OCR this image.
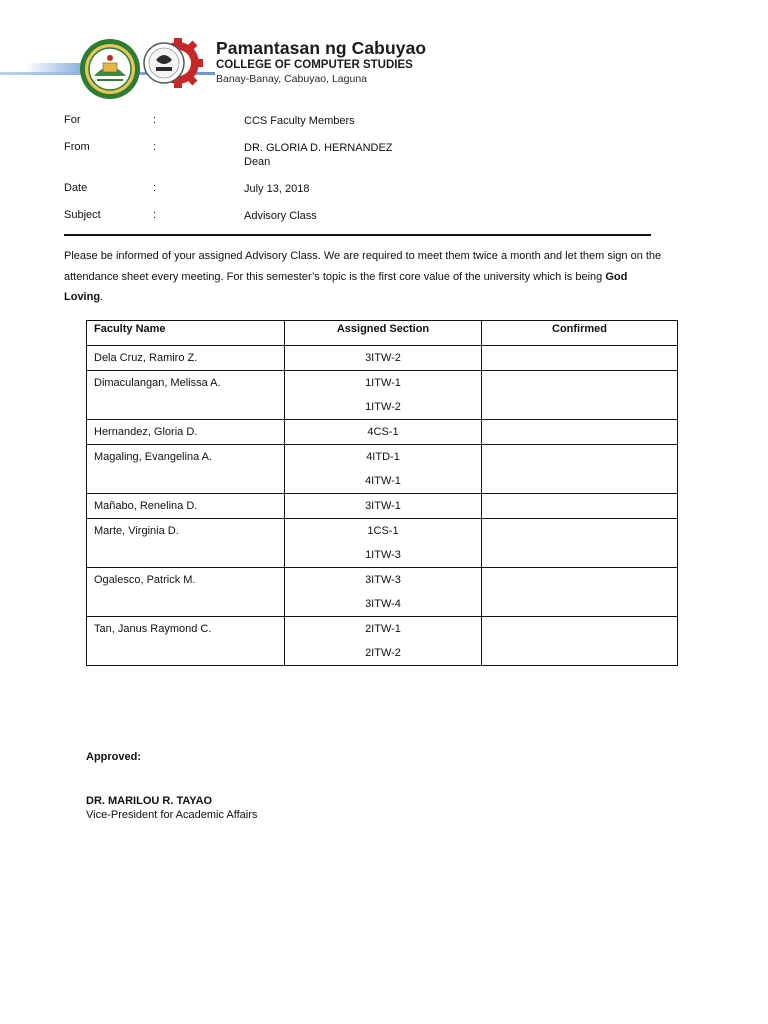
Pamantasan ng Cabuyao
COLLEGE OF COMPUTER STUDIES
Banay-Banay, Cabuyao, Laguna
For	:	CCS Faculty Members
From	:	DR. GLORIA D. HERNANDEZ
Dean
Date	:	July 13, 2018
Subject	:	Advisory Class
Please be informed of your assigned Advisory Class. We are required to meet them twice a month and let them sign on the attendance sheet every meeting. For this semester’s topic is the first core value of the university which is being God Loving.
Faculty Name	Assigned Section	Confirmed
Dela Cruz, Ramiro Z.	3ITW-2	
Dimaculangan, Melissa A.	1ITW-1
1ITW-2	
Hernandez, Gloria D.	4CS-1	
Magaling, Evangelina A.	4ITD-1
4ITW-1	
Mañabo, Renelina D.	3ITW-1	
Marte, Virginia D.	1CS-1
1ITW-3	
Ogalesco, Patrick M.	3ITW-3
3ITW-4	
Tan, Janus Raymond C.	2ITW-1
2ITW-2	
Approved:
DR. MARILOU R. TAYAO
Vice-President for Academic Affairs
